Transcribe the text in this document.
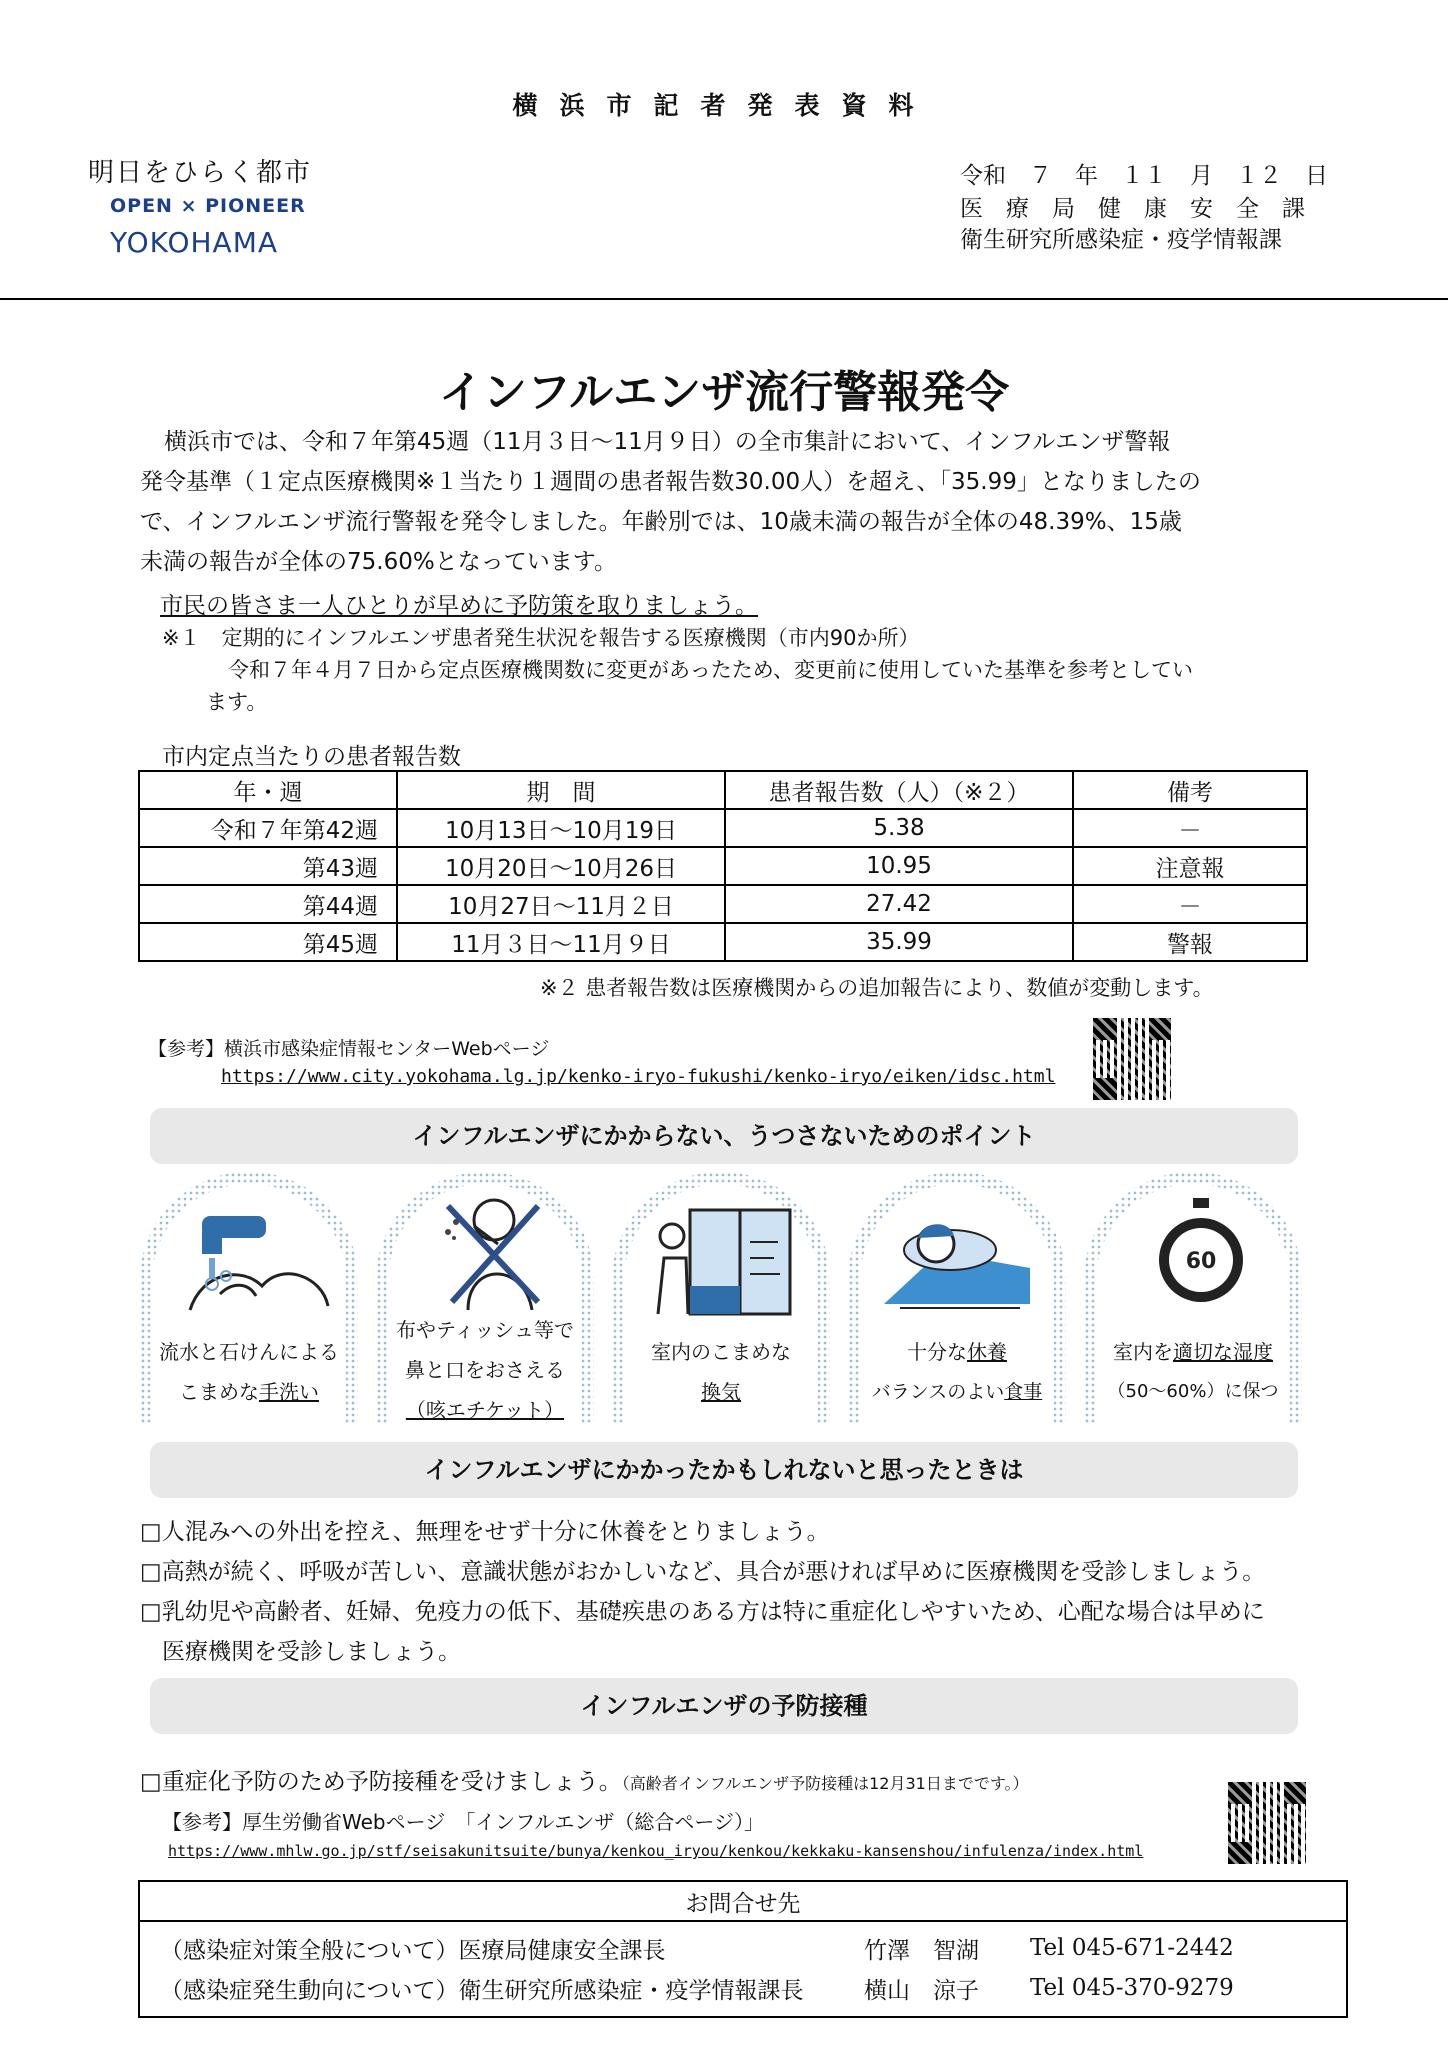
横浜市記者発表資料
明日をひらく都市
OPEN × PIONEER
YOKOHAMA
令和　７　年　１１　月　１２　日
医　療　局　健　康　安　全　課
衛生研究所感染症・疫学情報課
インフルエンザ流行警報発令
横浜市では、令和７年第45週（11月３日～11月９日）の全市集計において、インフルエンザ警報
発令基準（１定点医療機関※１当たり１週間の患者報告数30.00人）を超え、「35.99」となりましたの
で、インフルエンザ流行警報を発令しました。年齢別では、10歳未満の報告が全体の48.39%、15歳
未満の報告が全体の75.60%となっています。
市民の皆さま一人ひとりが早めに予防策を取りましょう。
※１　定期的にインフルエンザ患者発生状況を報告する医療機関（市内90か所）
令和７年４月７日から定点医療機関数に変更があったため、変更前に使用していた基準を参考としてい
ます。
市内定点当たりの患者報告数
年・週	期　間	患者報告数（人）（※２）	備考
令和７年第42週	10月13日～10月19日	5.38	－
第43週	10月20日～10月26日	10.95	注意報
第44週	10月27日～11月２日	27.42	－
第45週	11月３日～11月９日	35.99	警報
※２ 患者報告数は医療機関からの追加報告により、数値が変動します。
【参考】横浜市感染症情報センターWebページ
https://www.city.yokohama.lg.jp/kenko-iryo-fukushi/kenko-iryo/eiken/idsc.html
インフルエンザにかからない、うつさないためのポイント
流水と石けんによる
こまめな手洗い
布やティッシュ等で
鼻と口をおさえる
（咳エチケット）
室内のこまめな
換気
十分な休養
バランスのよい食事
60
室内を適切な湿度
（50～60%）に保つ
インフルエンザにかかったかもしれないと思ったときは
□人混みへの外出を控え、無理をせず十分に休養をとりましょう。
□高熱が続く、呼吸が苦しい、意識状態がおかしいなど、具合が悪ければ早めに医療機関を受診しましょう。
□乳幼児や高齢者、妊婦、免疫力の低下、基礎疾患のある方は特に重症化しやすいため、心配な場合は早めに
医療機関を受診しましょう。
インフルエンザの予防接種
□重症化予防のため予防接種を受けましょう。（高齢者インフルエンザ予防接種は12月31日までです。）
【参考】厚生労働省Webページ　「インフルエンザ（総合ページ）」
https://www.mhlw.go.jp/stf/seisakunitsuite/bunya/kenkou_iryou/kenkou/kekkaku-kansenshou/infulenza/index.html
お問合せ先

（感染症対策全般について）医療局健康安全課長	竹澤　智湖	Tel 045-671-2442
（感染症発生動向について）衛生研究所感染症・疫学情報課長	横山　涼子	Tel 045-370-9279
